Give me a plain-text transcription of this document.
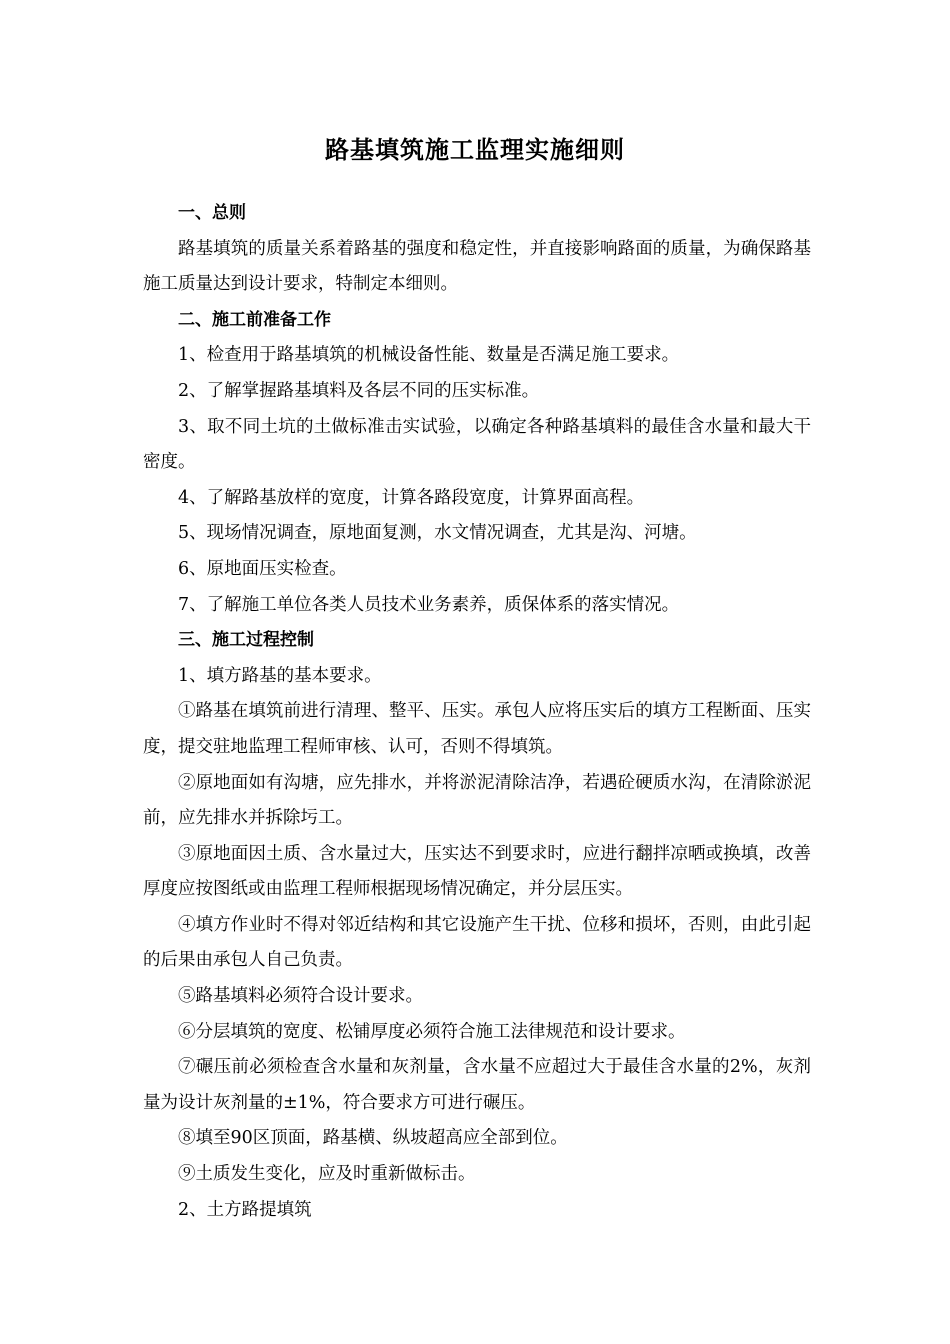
路基填筑施工监理实施细则

一、总则

路基填筑的质量关系着路基的强度和稳定性，并直接影响路面的质量，为确保路基施工质量达到设计要求，特制定本细则。

二、施工前准备工作

1、检查用于路基填筑的机械设备性能、数量是否满足施工要求。

2、了解掌握路基填料及各层不同的压实标准。

3、取不同土坑的土做标准击实试验，以确定各种路基填料的最佳含水量和最大干密度。

4、了解路基放样的宽度，计算各路段宽度，计算界面高程。

5、现场情况调查，原地面复测，水文情况调查，尤其是沟、河塘。

6、原地面压实检查。

7、了解施工单位各类人员技术业务素养，质保体系的落实情况。

三、施工过程控制

1、填方路基的基本要求。

①路基在填筑前进行清理、整平、压实。承包人应将压实后的填方工程断面、压实度，提交驻地监理工程师审核、认可，否则不得填筑。

②原地面如有沟塘，应先排水，并将淤泥清除洁净，若遇砼硬质水沟，在清除淤泥前，应先排水并拆除圬工。

③原地面因土质、含水量过大，压实达不到要求时，应进行翻拌凉晒或换填，改善厚度应按图纸或由监理工程师根据现场情况确定，并分层压实。

④填方作业时不得对邻近结构和其它设施产生干扰、位移和损坏，否则，由此引起的后果由承包人自己负责。

⑤路基填料必须符合设计要求。

⑥分层填筑的宽度、松铺厚度必须符合施工法律规范和设计要求。

⑦碾压前必须检查含水量和灰剂量，含水量不应超过大于最佳含水量的2%，灰剂量为设计灰剂量的±1%，符合要求方可进行碾压。

⑧填至90区顶面，路基横、纵坡超高应全部到位。

⑨土质发生变化，应及时重新做标击。

2、土方路提填筑
